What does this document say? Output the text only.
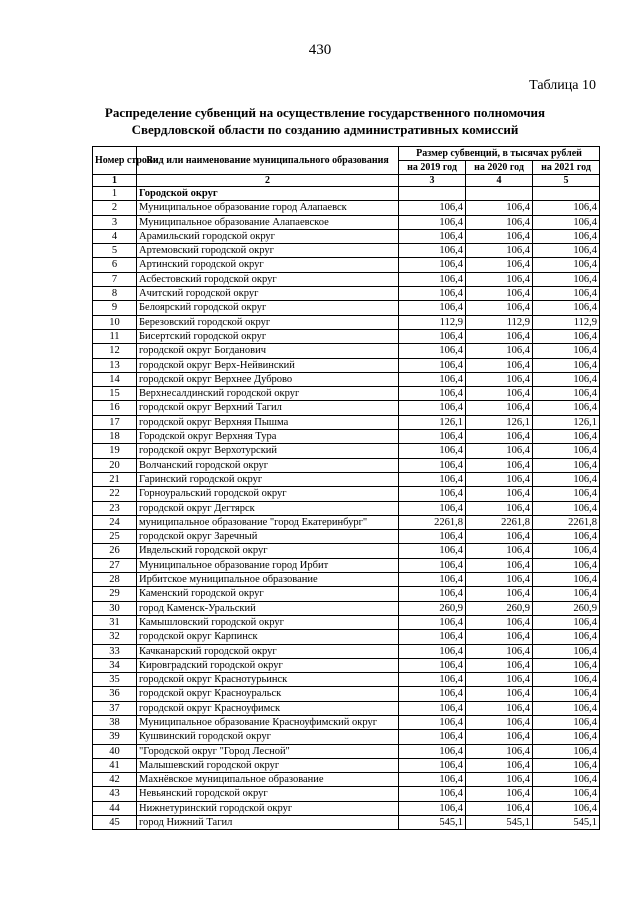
430
Таблица 10
Распределение субвенций на осуществление государственного полномочия
Свердловской области по созданию административных комиссий
Номер строки	Вид или наименование муниципального образования	Размер субвенций, в тысячах рублей		
		на 2019 год	на 2020 год	на 2021 год
1	2	3	4	5
1	Городской округ			
2	Муниципальное образование город Алапаевск	106,4	106,4	106,4
3	Муниципальное образование Алапаевское	106,4	106,4	106,4
4	Арамильский городской округ	106,4	106,4	106,4
5	Артемовский городской округ	106,4	106,4	106,4
6	Артинский городской округ	106,4	106,4	106,4
7	Асбестовский городской округ	106,4	106,4	106,4
8	Ачитский городской округ	106,4	106,4	106,4
9	Белоярский городской округ	106,4	106,4	106,4
10	Березовский городской округ	112,9	112,9	112,9
11	Бисертский городской округ	106,4	106,4	106,4
12	городской округ Богданович	106,4	106,4	106,4
13	городской округ Верх-Нейвинский	106,4	106,4	106,4
14	городской округ Верхнее Дуброво	106,4	106,4	106,4
15	Верхнесалдинский городской округ	106,4	106,4	106,4
16	городской округ Верхний Тагил	106,4	106,4	106,4
17	городской округ Верхняя Пышма	126,1	126,1	126,1
18	Городской округ Верхняя Тура	106,4	106,4	106,4
19	городской округ Верхотурский	106,4	106,4	106,4
20	Волчанский городской округ	106,4	106,4	106,4
21	Гаринский городской округ	106,4	106,4	106,4
22	Горноуральский городской округ	106,4	106,4	106,4
23	городской округ Дегтярск	106,4	106,4	106,4
24	муниципальное образование "город Екатеринбург"	2261,8	2261,8	2261,8
25	городской округ Заречный	106,4	106,4	106,4
26	Ивдельский городской округ	106,4	106,4	106,4
27	Муниципальное образование город Ирбит	106,4	106,4	106,4
28	Ирбитское муниципальное образование	106,4	106,4	106,4
29	Каменский городской округ	106,4	106,4	106,4
30	город Каменск-Уральский	260,9	260,9	260,9
31	Камышловский городской округ	106,4	106,4	106,4
32	городской округ Карпинск	106,4	106,4	106,4
33	Качканарский городской округ	106,4	106,4	106,4
34	Кировградский городской округ	106,4	106,4	106,4
35	городской округ Краснотурьинск	106,4	106,4	106,4
36	городской округ Красноуральск	106,4	106,4	106,4
37	городской округ Красноуфимск	106,4	106,4	106,4
38	Муниципальное образование Красноуфимский округ	106,4	106,4	106,4
39	Кушвинский городской округ	106,4	106,4	106,4
40	"Городской округ "Город Лесной"	106,4	106,4	106,4
41	Малышевский городской округ	106,4	106,4	106,4
42	Махнёвское муниципальное образование	106,4	106,4	106,4
43	Невьянский городской округ	106,4	106,4	106,4
44	Нижнетуринский городской округ	106,4	106,4	106,4
45	город Нижний Тагил	545,1	545,1	545,1
